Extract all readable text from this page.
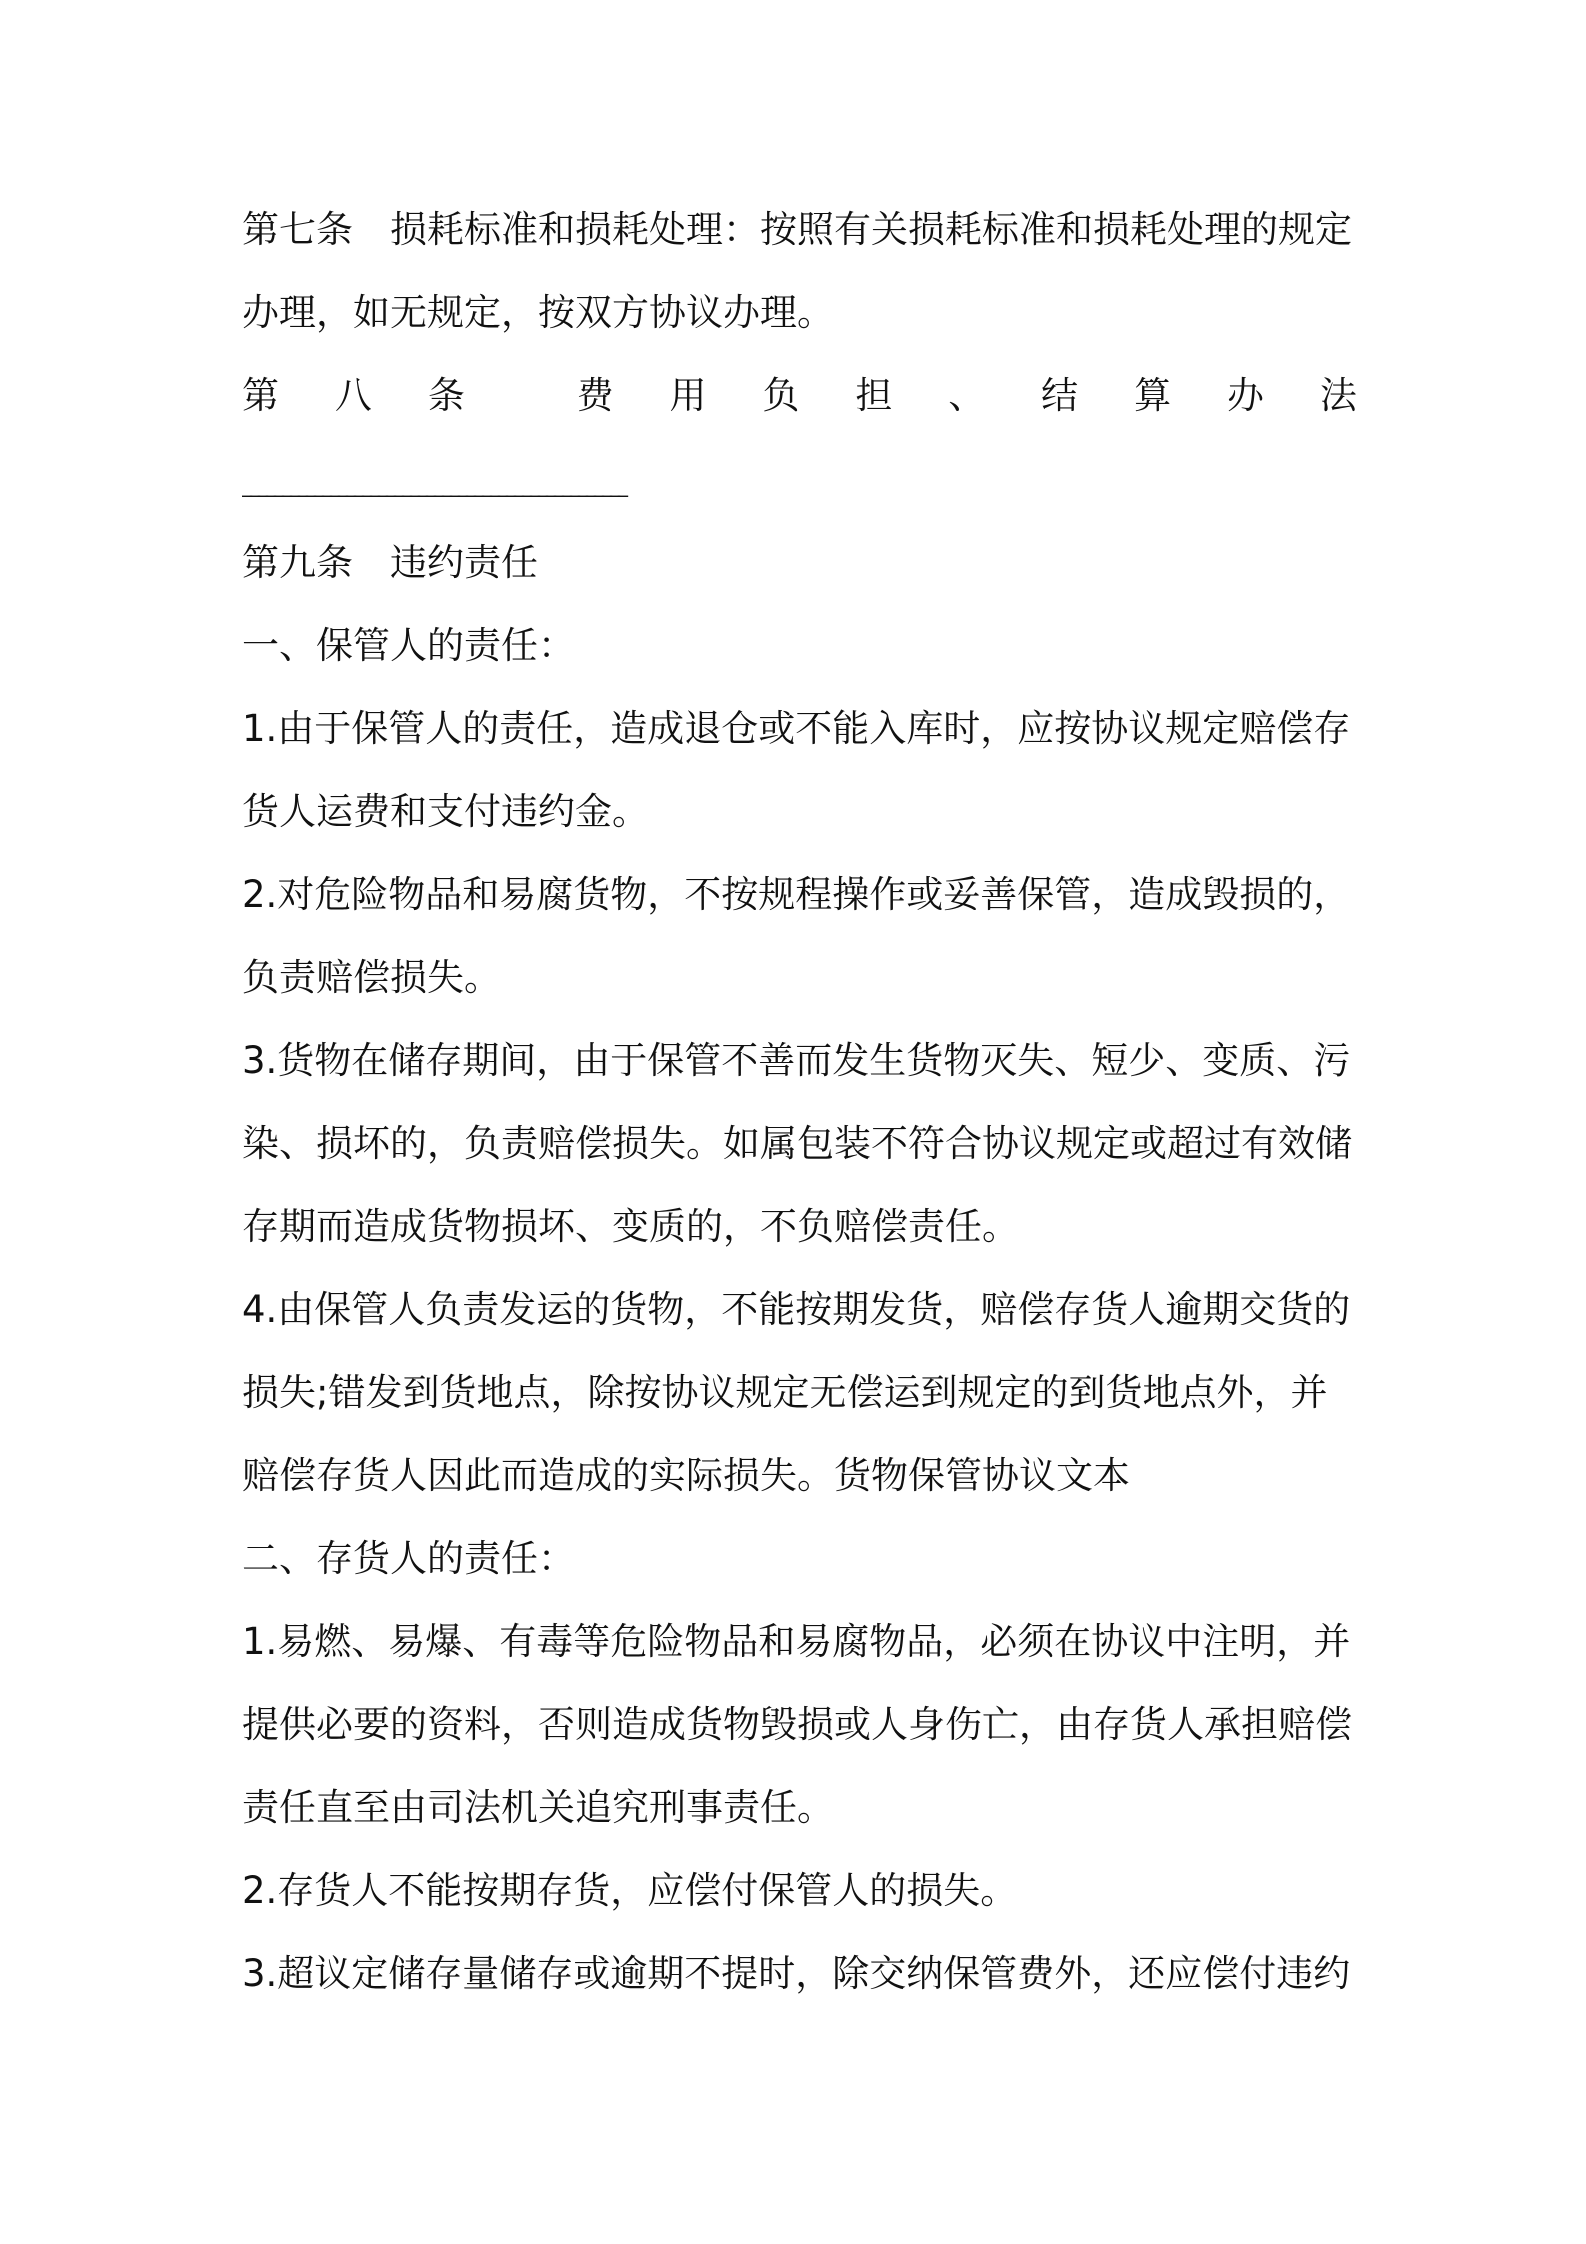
第七条　损耗标准和损耗处理：按照有关损耗标准和损耗处理的规定
办理，如无规定，按双方协议办理。
第 八 条	费 用 负 担 、 结 算 办 法
________________________________________________
第九条　违约责任
一、保管人的责任：
1.由于保管人的责任，造成退仓或不能入库时，应按协议规定赔偿存
货人运费和支付违约金。
2.对危险物品和易腐货物，不按规程操作或妥善保管，造成毁损的，
负责赔偿损失。
3.货物在储存期间，由于保管不善而发生货物灭失、短少、变质、污
染、损坏的，负责赔偿损失。如属包装不符合协议规定或超过有效储
存期而造成货物损坏、变质的，不负赔偿责任。
4.由保管人负责发运的货物，不能按期发货，赔偿存货人逾期交货的
损失;错发到货地点，除按协议规定无偿运到规定的到货地点外，并
赔偿存货人因此而造成的实际损失。货物保管协议文本
二、存货人的责任：
1.易燃、易爆、有毒等危险物品和易腐物品，必须在协议中注明，并
提供必要的资料，否则造成货物毁损或人身伤亡，由存货人承担赔偿
责任直至由司法机关追究刑事责任。
2.存货人不能按期存货，应偿付保管人的损失。
3.超议定储存量储存或逾期不提时，除交纳保管费外，还应偿付违约
